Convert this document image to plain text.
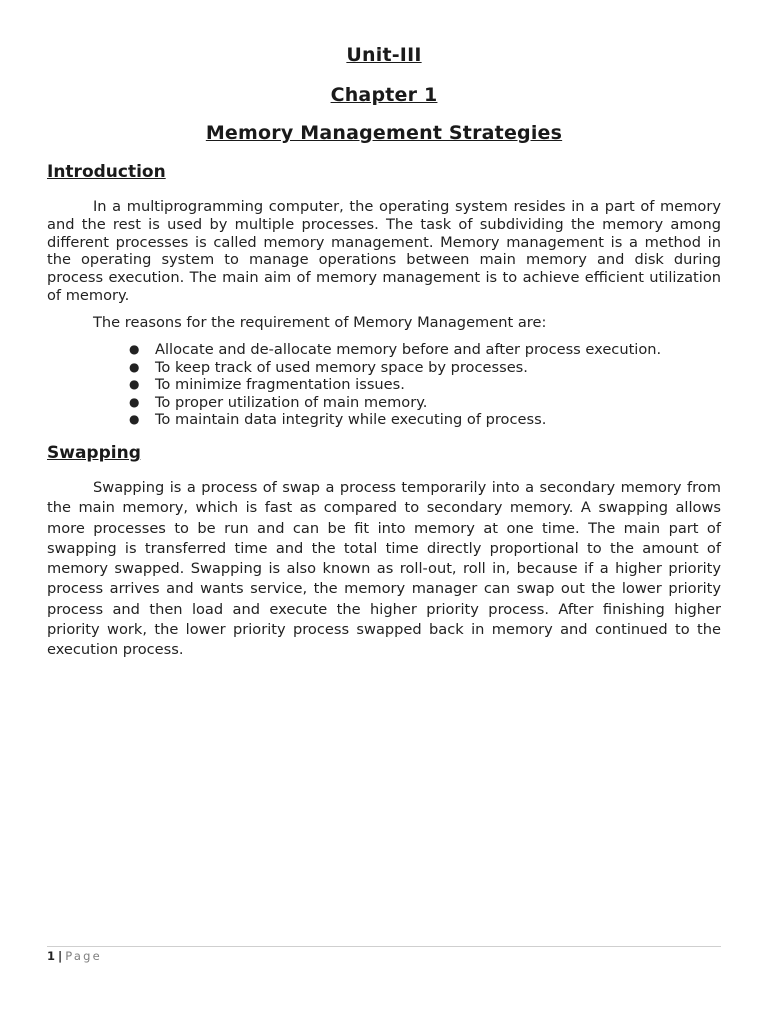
Unit-III
Chapter 1
Memory Management Strategies
Introduction

In a multiprogramming computer, the operating system resides in a part of memory and the rest is used by multiple processes. The task of subdividing the memory among different processes is called memory management. Memory management is a method in the operating system to manage operations between main memory and disk during process execution. The main aim of memory management is to achieve efficient utilization of memory.

The reasons for the requirement of Memory Management are:

● Allocate and de-allocate memory before and after process execution.
● To keep track of used memory space by processes.
● To minimize fragmentation issues.
● To proper utilization of main memory.
● To maintain data integrity while executing of process.
Swapping

Swapping is a process of swap a process temporarily into a secondary memory from the main memory, which is fast as compared to secondary memory. A swapping allows more processes to be run and can be fit into memory at one time. The main part of swapping is transferred time and the total time directly proportional to the amount of memory swapped. Swapping is also known as roll-out, roll in, because if a higher priority process arrives and wants service, the memory manager can swap out the lower priority process and then load and execute the higher priority process. After finishing higher priority work, the lower priority process swapped back in memory and continued to the execution process.

1 | Page
